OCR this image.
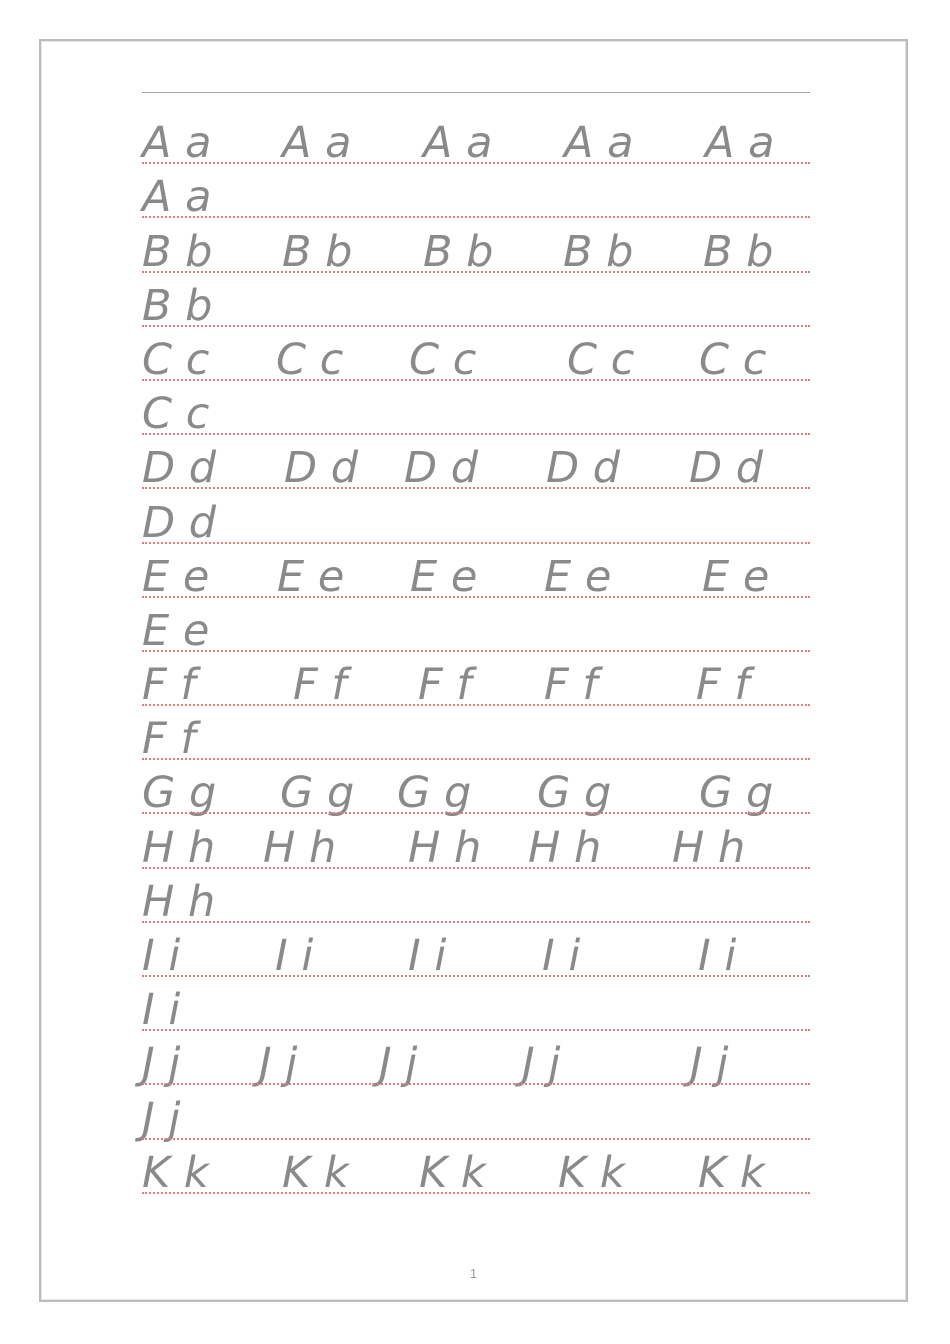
A a A a A a A a A a
A a
B b B b B b B b B b
B b
C c C c C c C c C c
C c
D d D d D d D d D d
D d
E e E e E e E e E e
E e
F f F f F f F f F f
F f
G g G g G g G g G g
H h H h H h H h H h
H h
I i I i I i I i	I i
I i
J j J j J j J j	J j
J j
K k K k K k K k K k
1
